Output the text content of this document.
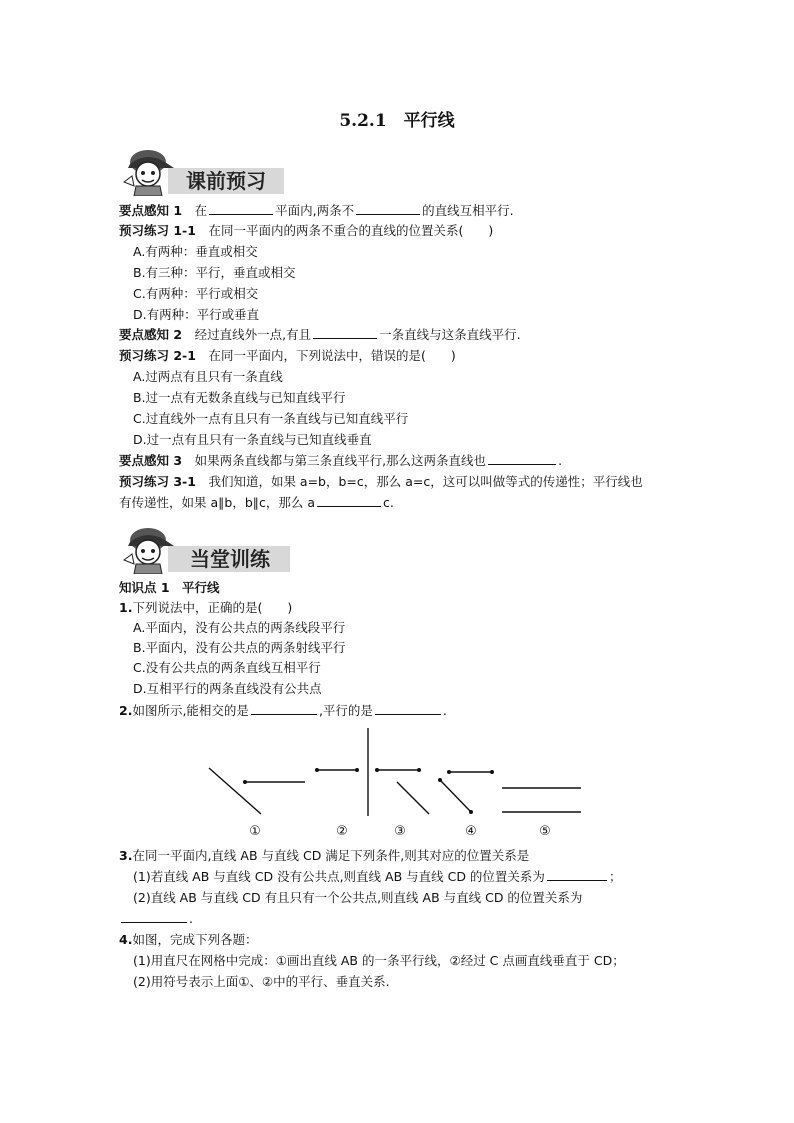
5.2.1　平行线
课前预习
要点感知 1　 在	平面内,两条不	的直线互相平行.
预习练习 1-1　 在同一平面内的两条不重合的直线的位置关系(　　)
A.有两种：垂直或相交
B.有三种：平行，垂直或相交
C.有两种：平行或相交
D.有两种：平行或垂直
要点感知 2　 经过直线外一点,有且	一条直线与这条直线平行.
预习练习 2-1　 在同一平面内，下列说法中，错误的是(　　)
A.过两点有且只有一条直线
B.过一点有无数条直线与已知直线平行
C.过直线外一点有且只有一条直线与已知直线平行
D.过一点有且只有一条直线与已知直线垂直
要点感知 3　 如果两条直线都与第三条直线平行,那么这两条直线也	.
预习练习 3-1　 我们知道，如果 a=b，b=c，那么 a=c，这可以叫做等式的传递性；平行线也
有传递性，如果 a∥b，b∥c，那么 a	c.
当堂训练
知识点 1　平行线
1.下列说法中，正确的是(　　)
A.平面内，没有公共点的两条线段平行
B.平面内，没有公共点的两条射线平行
C.没有公共点的两条直线互相平行
D.互相平行的两条直线没有公共点
2.如图所示,能相交的是	,平行的是	.
①	②	③	④	⑤
3.在同一平面内,直线 AB 与直线 CD 满足下列条件,则其对应的位置关系是
(1)若直线 AB 与直线 CD 没有公共点,则直线 AB 与直线 CD 的位置关系为	；
(2)直线 AB 与直线 CD 有且只有一个公共点,则直线 AB 与直线 CD 的位置关系为
.
4.如图，完成下列各题：
(1)用直尺在网格中完成：①画出直线 AB 的一条平行线，②经过 C 点画直线垂直于 CD；
(2)用符号表示上面①、②中的平行、垂直关系.
